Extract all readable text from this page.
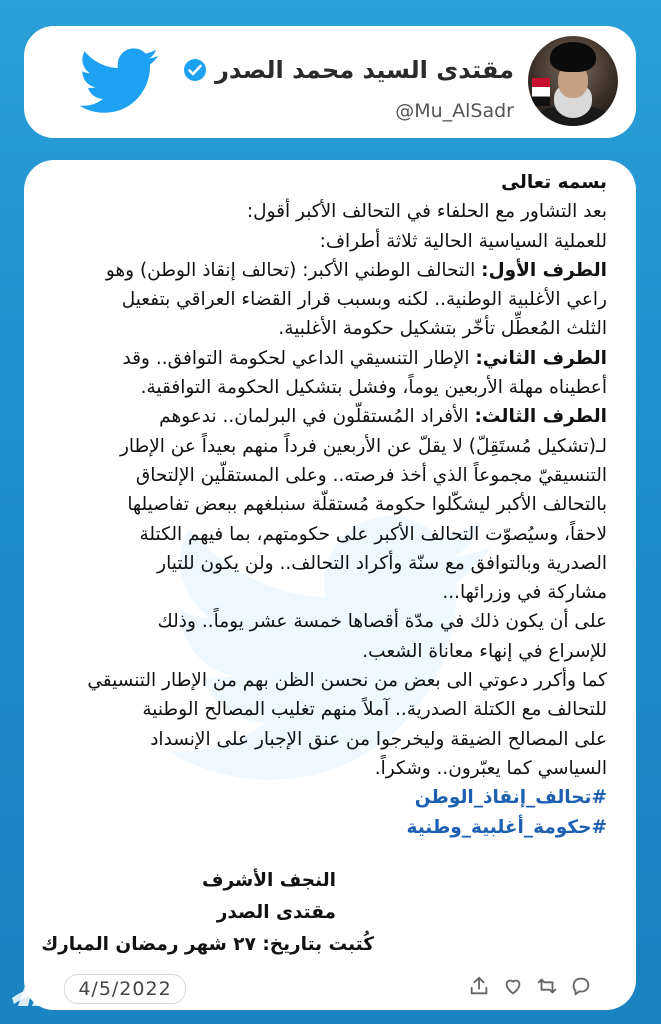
مقتدى السيد محمد الصدر
@Mu_AlSadr

بسمه تعالى

بعد التشاور مع الحلفاء في التحالف الأكبر أقول:

للعملية السياسية الحالية ثلاثة أطراف:

الطرف الأول: التحالف الوطني الأكبر: (تحالف إنقاذ الوطن) وهو

راعي الأغلبية الوطنية.. لكنه وبسبب قرار القضاء العراقي بتفعيل

الثلث المُعطِّل تأخّر بتشكيل حكومة الأغلبية.

الطرف الثاني: الإطار التنسيقي الداعي لحكومة التوافق.. وقد

أعطيناه مهلة الأربعين يوماً، وفشل بتشكيل الحكومة التوافقية.

الطرف الثالث: الأفراد المُستقلّون في البرلمان.. ندعوهم

لـ(تشكيل مُستَقِلّ) لا يقلّ عن الأربعين فرداً منهم بعيداً عن الإطار

التنسيقيّ مجموعاً الذي أخذ فرصته.. وعلى المستقلّين الإلتحاق

بالتحالف الأكبر ليشكّلوا حكومة مُستقلّة سنبلغهم ببعض تفاصيلها

لاحقاً، وسيُصوّت التحالف الأكبر على حكومتهم، بما فيهم الكتلة

الصدرية وبالتوافق مع سنّة وأكراد التحالف.. ولن يكون للتيار

مشاركة في وزرائها...

على أن يكون ذلك في مدّة أقصاها خمسة عشر يوماً.. وذلك

للإسراع في إنهاء معاناة الشعب.

كما وأكرر دعوتي الى بعض من نحسن الظن بهم من الإطار التنسيقي

للتحالف مع الكتلة الصدرية.. آملاً منهم تغليب المصالح الوطنية

على المصالح الضيقة وليخرجوا من عنق الإجبار على الإنسداد

السياسي كما يعبّرون.. وشكراً.

#تحالف_إنقاذ_الوطن

#حكومة_أغلبية_وطنية

النجف الأشرف

مقتدى الصدر

كُتبت بتاريخ: ٢٧ شهر رمضان المبارك

4/5/2022
